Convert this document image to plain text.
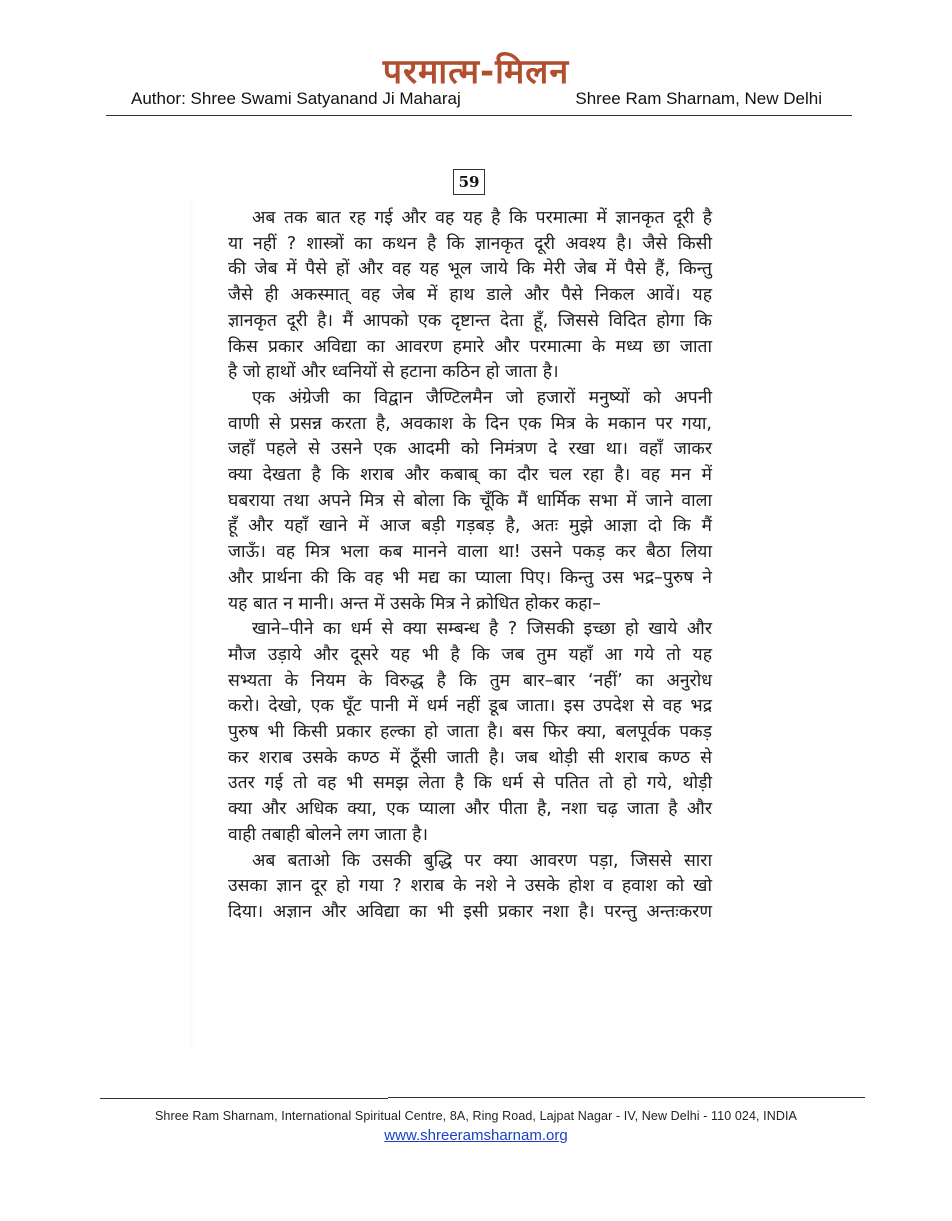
परमात्म-मिलन
Author: Shree Swami Satyanand Ji Maharaj	Shree Ram Sharnam, New Delhi
59

अब तक बात रह गई और वह यह है कि परमात्मा में ज्ञानकृत दूरी है
या नहीं ? शास्त्रों का कथन है कि ज्ञानकृत दूरी अवश्य है। जैसे किसी
की जेब में पैसे हों और वह यह भूल जाये कि मेरी जेब में पैसे हैं, किन्तु
जैसे ही अकस्मात् वह जेब में हाथ डाले और पैसे निकल आवें। यह
ज्ञानकृत दूरी है। मैं आपको एक दृष्टान्त देता हूँ, जिससे विदित होगा कि
किस प्रकार अविद्या का आवरण हमारे और परमात्मा के मध्य छा जाता
है जो हाथों और ध्वनियों से हटाना कठिन हो जाता है।

एक अंग्रेजी का विद्वान जैण्टिलमैन जो हजारों मनुष्यों को अपनी
वाणी से प्रसन्न करता है, अवकाश के दिन एक मित्र के मकान पर गया,
जहाँ पहले से उसने एक आदमी को निमंत्रण दे रखा था। वहाँ जाकर
क्या देखता है कि शराब और कबाब् का दौर चल रहा है। वह मन में
घबराया तथा अपने मित्र से बोला कि चूँकि मैं धार्मिक सभा में जाने वाला
हूँ और यहाँ खाने में आज बड़ी गड़बड़ है, अतः मुझे आज्ञा दो कि मैं
जाऊँ। वह मित्र भला कब मानने वाला था! उसने पकड़ कर बैठा लिया
और प्रार्थना की कि वह भी मद्य का प्याला पिए। किन्तु उस भद्र–पुरुष ने
यह बात न मानी। अन्त में उसके मित्र ने क्रोधित होकर कहा–

खाने–पीने का धर्म से क्या सम्बन्ध है ? जिसकी इच्छा हो खाये और
मौज उड़ाये और दूसरे यह भी है कि जब तुम यहाँ आ गये तो यह
सभ्यता के नियम के विरुद्ध है कि तुम बार–बार ‘नहीं’ का अनुरोध
करो। देखो, एक घूँट पानी में धर्म नहीं डूब जाता। इस उपदेश से वह भद्र
पुरुष भी किसी प्रकार हल्का हो जाता है। बस फिर क्या, बलपूर्वक पकड़
कर शराब उसके कण्ठ में ठूँसी जाती है। जब थोड़ी सी शराब कण्ठ से
उतर गई तो वह भी समझ लेता है कि धर्म से पतित तो हो गये, थोड़ी
क्या और अधिक क्या, एक प्याला और पीता है, नशा चढ़ जाता है और
वाही तबाही बोलने लग जाता है।

अब बताओ कि उसकी बुद्धि पर क्या आवरण पड़ा, जिससे सारा
उसका ज्ञान दूर हो गया ? शराब के नशे ने उसके होश व हवाश को खो
दिया। अज्ञान और अविद्या का भी इसी प्रकार नशा है। परन्तु अन्तःकरण

Shree Ram Sharnam, International Spiritual Centre, 8A, Ring Road, Lajpat Nagar - IV, New Delhi - 110 024, INDIA
www.shreeramsharnam.org
